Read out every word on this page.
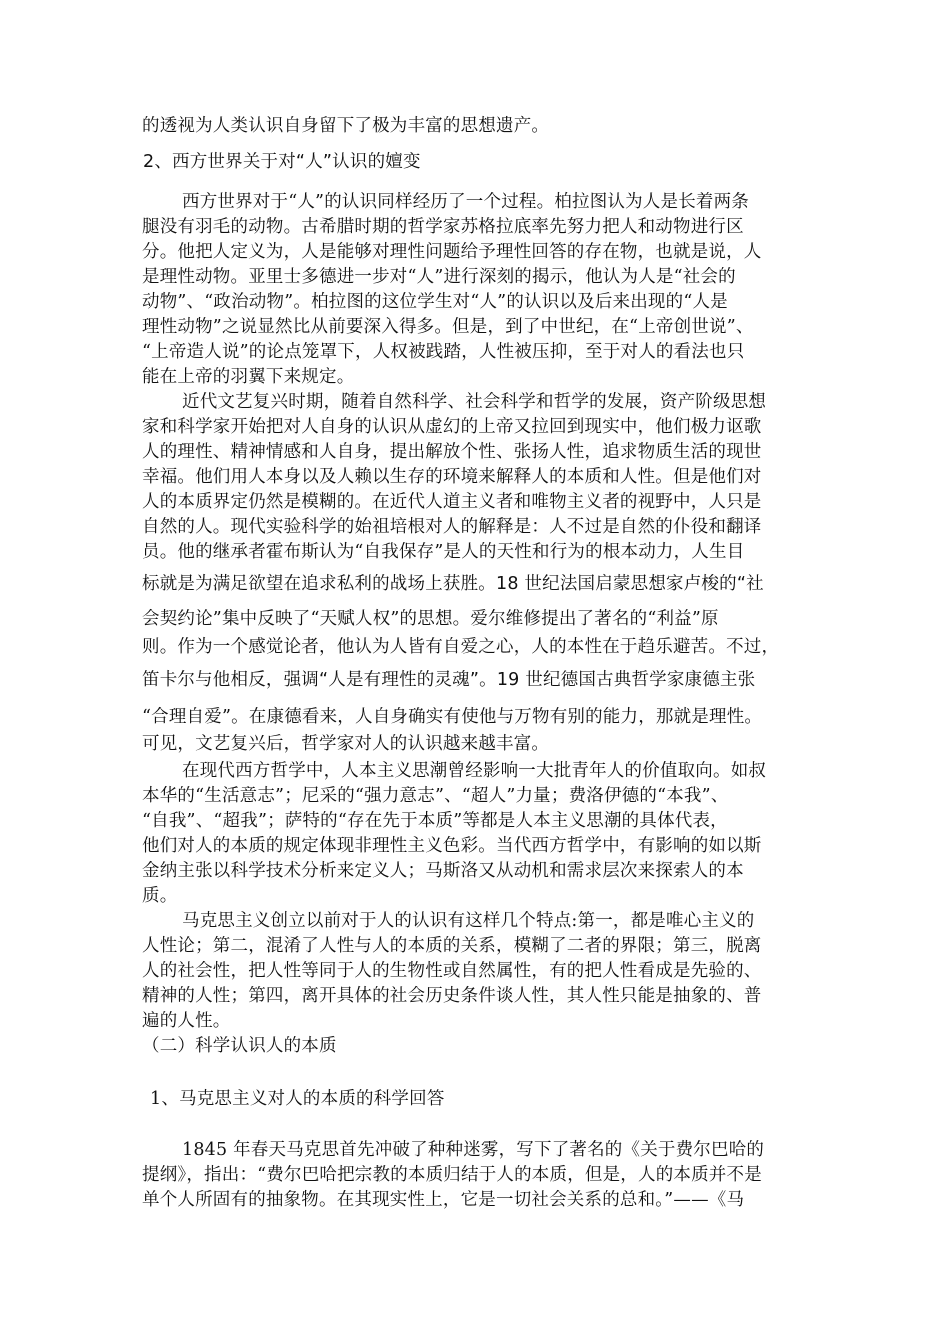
的透视为人类认识自身留下了极为丰富的思想遗产。
2、西方世界关于对“人”认识的嬗变
西方世界对于“人”的认识同样经历了一个过程。柏拉图认为人是长着两条
腿没有羽毛的动物。古希腊时期的哲学家苏格拉底率先努力把人和动物进行区
分。他把人定义为，人是能够对理性问题给予理性回答的存在物，也就是说，人
是理性动物。亚里士多德进一步对“人”进行深刻的揭示，他认为人是“社会的
动物”、“政治动物”。柏拉图的这位学生对“人”的认识以及后来出现的“人是
理性动物”之说显然比从前要深入得多。但是，到了中世纪，在“上帝创世说”、
“上帝造人说”的论点笼罩下，人权被践踏，人性被压抑，至于对人的看法也只
能在上帝的羽翼下来规定。
近代文艺复兴时期，随着自然科学、社会科学和哲学的发展，资产阶级思想
家和科学家开始把对人自身的认识从虚幻的上帝又拉回到现实中，他们极力讴歌
人的理性、精神情感和人自身，提出解放个性、张扬人性，追求物质生活的现世
幸福。他们用人本身以及人赖以生存的环境来解释人的本质和人性。但是他们对
人的本质界定仍然是模糊的。在近代人道主义者和唯物主义者的视野中，人只是
自然的人。现代实验科学的始祖培根对人的解释是：人不过是自然的仆役和翻译
员。他的继承者霍布斯认为“自我保存”是人的天性和行为的根本动力，人生目
标就是为满足欲望在追求私利的战场上获胜。18 世纪法国启蒙思想家卢梭的“社
会契约论”集中反映了“天赋人权”的思想。爱尔维修提出了著名的“利益”原
则。作为一个感觉论者，他认为人皆有自爱之心，人的本性在于趋乐避苦。不过，
笛卡尔与他相反，强调“人是有理性的灵魂”。19 世纪德国古典哲学家康德主张
“合理自爱”。在康德看来，人自身确实有使他与万物有别的能力，那就是理性。
可见，文艺复兴后，哲学家对人的认识越来越丰富。
在现代西方哲学中，人本主义思潮曾经影响一大批青年人的价值取向。如叔
本华的“生活意志”；尼采的“强力意志”、“超人”力量；费洛伊德的“本我”、
“自我”、“超我”；萨特的“存在先于本质”等都是人本主义思潮的具体代表，
他们对人的本质的规定体现非理性主义色彩。当代西方哲学中，有影响的如以斯
金纳主张以科学技术分析来定义人；马斯洛又从动机和需求层次来探索人的本
质。
马克思主义创立以前对于人的认识有这样几个特点:第一，都是唯心主义的
人性论；第二，混淆了人性与人的本质的关系，模糊了二者的界限；第三，脱离
人的社会性，把人性等同于人的生物性或自然属性，有的把人性看成是先验的、
精神的人性；第四，离开具体的社会历史条件谈人性，其人性只能是抽象的、普
遍的人性。
（二）科学认识人的本质
1、马克思主义对人的本质的科学回答
1845 年春天马克思首先冲破了种种迷雾，写下了著名的《关于费尔巴哈的
提纲》，指出：“费尔巴哈把宗教的本质归结于人的本质，但是，人的本质并不是
单个人所固有的抽象物。在其现实性上，它是一切社会关系的总和。”——《马
